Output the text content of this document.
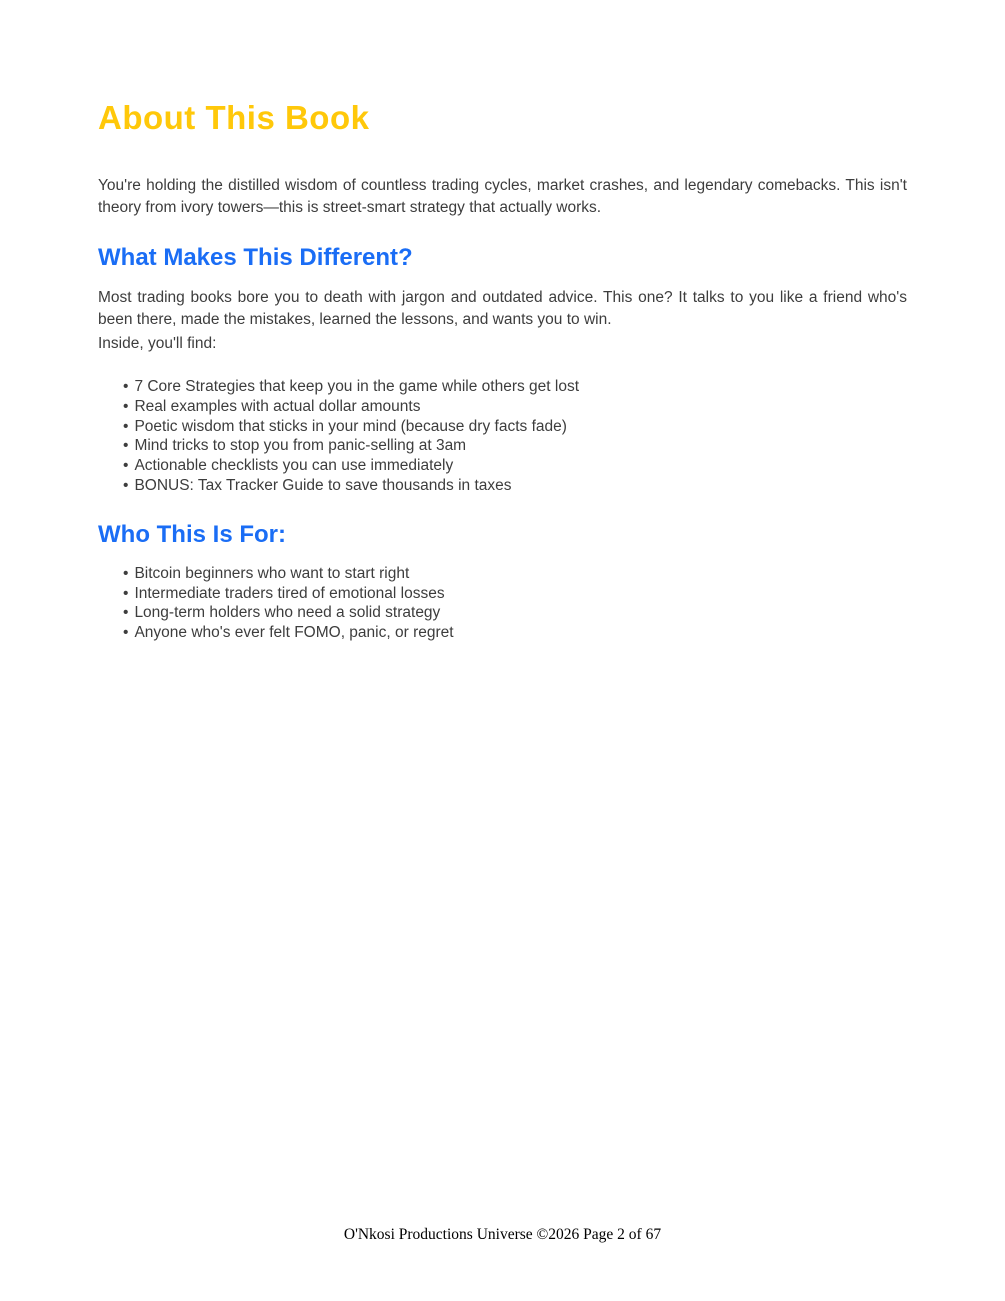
About This Book

You're holding the distilled wisdom of countless trading cycles, market crashes, and legendary comebacks. This isn't theory from ivory towers—this is street-smart strategy that actually works.

What Makes This Different?

Most trading books bore you to death with jargon and outdated advice. This one? It talks to you like a friend who's been there, made the mistakes, learned the lessons, and wants you to win.

Inside, you'll find:

• 7 Core Strategies that keep you in the game while others get lost
• Real examples with actual dollar amounts
• Poetic wisdom that sticks in your mind (because dry facts fade)
• Mind tricks to stop you from panic-selling at 3am
• Actionable checklists you can use immediately
• BONUS: Tax Tracker Guide to save thousands in taxes
Who This Is For:
• Bitcoin beginners who want to start right
• Intermediate traders tired of emotional losses
• Long-term holders who need a solid strategy
• Anyone who's ever felt FOMO, panic, or regret
O'Nkosi Productions Universe ©2026 Page 2 of 67
